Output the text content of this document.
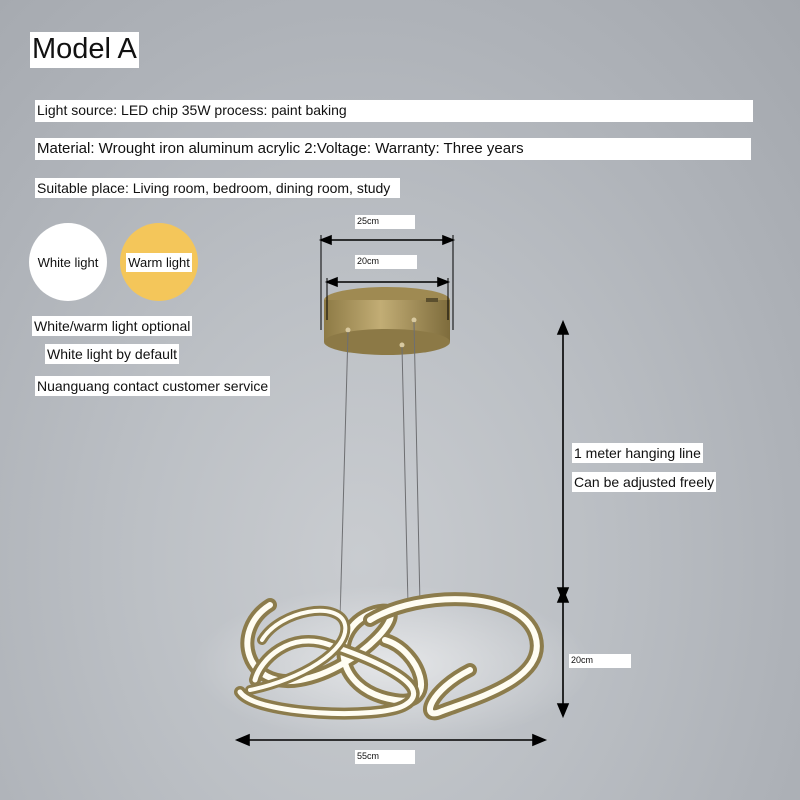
Model A
Light source: LED chip 35W process: paint baking
Material: Wrought iron aluminum acrylic 2:Voltage: Warranty: Three years
Suitable place: Living room, bedroom, dining room, study
White light Warm light
White/warm light optional
White light by default
Nuanguang contact customer service
25cm
20cm
1 meter hanging line
Can be adjusted freely
20cm
55cm
